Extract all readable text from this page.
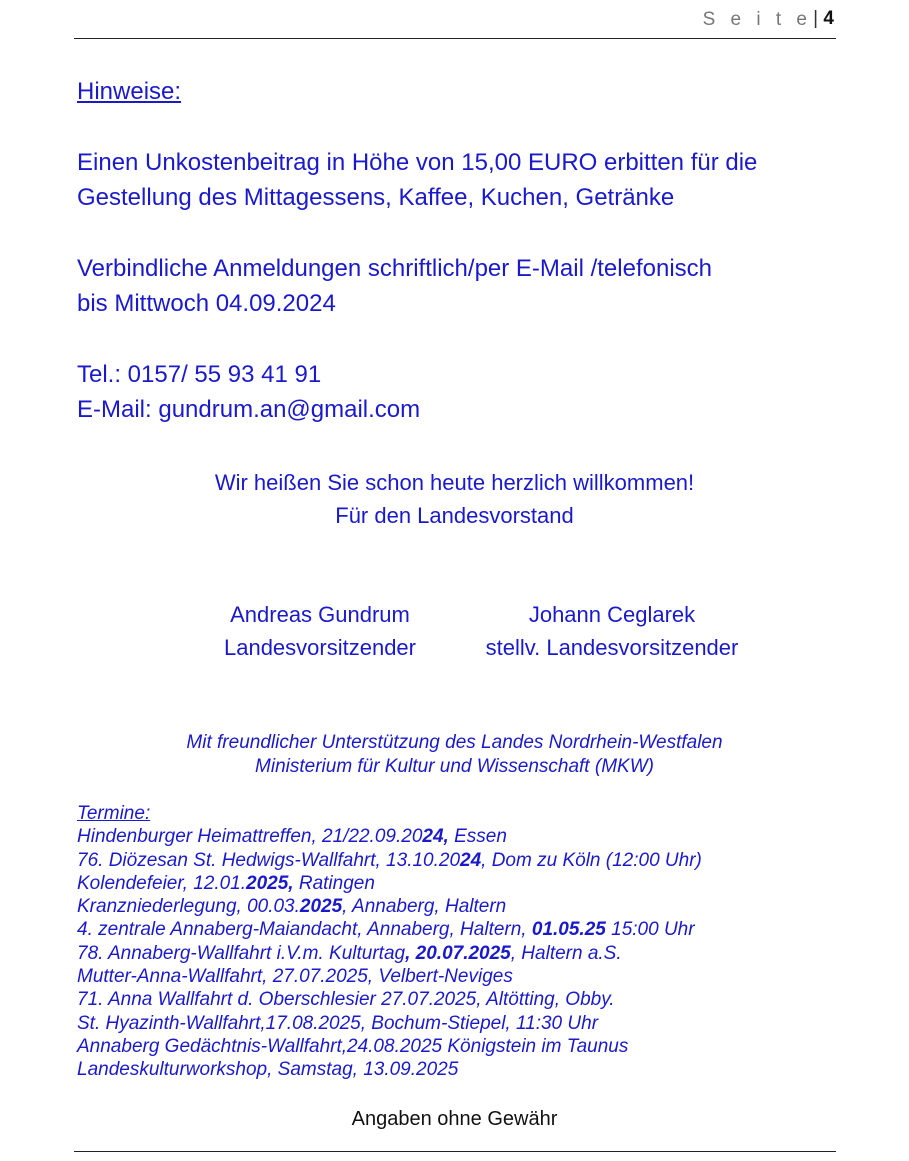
S e i t e | 4

Hinweise:

Einen Unkostenbeitrag in Höhe von 15,00 EURO erbitten für die

Gestellung des Mittagessens, Kaffee, Kuchen, Getränke

Verbindliche Anmeldungen schriftlich/per E-Mail /telefonisch

bis Mittwoch 04.09.2024

Tel.: 0157/ 55 93 41 91

E-Mail: gundrum.an@gmail.com

Wir heißen Sie schon heute herzlich willkommen!
Für den Landesvorstand
Andreas Gundrum
Landesvorsitzender
Johann Ceglarek
stellv. Landesvorsitzender
Mit freundlicher Unterstützung des Landes Nordrhein-Westfalen
Ministerium für Kultur und Wissenschaft (MKW)
Termine:
Hindenburger Heimattreffen, 21/22.09.2024, Essen
76. Diözesan St. Hedwigs-Wallfahrt, 13.10.2024, Dom zu Köln (12:00 Uhr)
Kolendefeier, 12.01.2025, Ratingen
Kranzniederlegung, 00.03.2025, Annaberg, Haltern
4. zentrale Annaberg-Maiandacht, Annaberg, Haltern, 01.05.25 15:00 Uhr
78. Annaberg-Wallfahrt i.V.m. Kulturtag, 20.07.2025, Haltern a.S.
Mutter-Anna-Wallfahrt, 27.07.2025, Velbert-Neviges
71. Anna Wallfahrt d. Oberschlesier 27.07.2025, Altötting, Obby.
St. Hyazinth-Wallfahrt,17.08.2025, Bochum-Stiepel, 11:30 Uhr
Annaberg Gedächtnis-Wallfahrt,24.08.2025 Königstein im Taunus
Landeskulturworkshop, Samstag, 13.09.2025
Angaben ohne Gewähr
